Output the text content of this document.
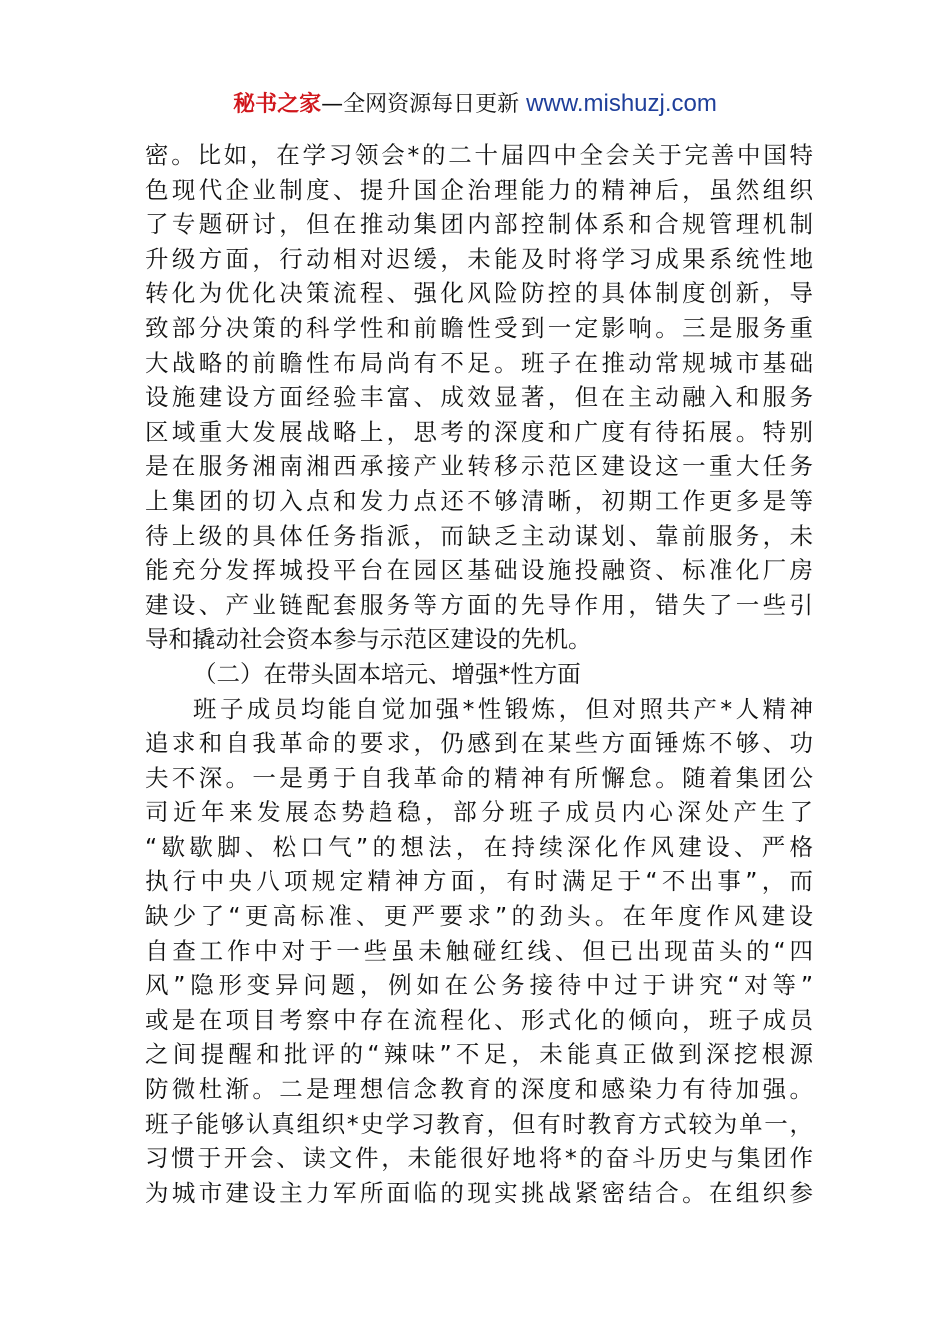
秘书之家—全网资源每日更新 www.mishuzj.com
密。比如，在学习领会*的二十届四中全会关于完善中国特
色现代企业制度、提升国企治理能力的精神后，虽然组织
了专题研讨，但在推动集团内部控制体系和合规管理机制
升级方面，行动相对迟缓，未能及时将学习成果系统性地
转化为优化决策流程、强化风险防控的具体制度创新，导
致部分决策的科学性和前瞻性受到一定影响。三是服务重
大战略的前瞻性布局尚有不足。班子在推动常规城市基础
设施建设方面经验丰富、成效显著，但在主动融入和服务
区域重大发展战略上，思考的深度和广度有待拓展。特别
是在服务湘南湘西承接产业转移示范区建设这一重大任务
上集团的切入点和发力点还不够清晰，初期工作更多是等
待上级的具体任务指派，而缺乏主动谋划、靠前服务，未
能充分发挥城投平台在园区基础设施投融资、标准化厂房
建设、产业链配套服务等方面的先导作用，错失了一些引
导和撬动社会资本参与示范区建设的先机。
（二）在带头固本培元、增强*性方面
班子成员均能自觉加强*性锻炼，但对照共产*人精神
追求和自我革命的要求，仍感到在某些方面锤炼不够、功
夫不深。一是勇于自我革命的精神有所懈怠。随着集团公
司近年来发展态势趋稳，部分班子成员内心深处产生了
“歇歇脚、松口气”的想法，在持续深化作风建设、严格
执行中央八项规定精神方面，有时满足于“不出事”，而
缺少了“更高标准、更严要求”的劲头。在年度作风建设
自查工作中对于一些虽未触碰红线、但已出现苗头的“四
风”隐形变异问题，例如在公务接待中过于讲究“对等”
或是在项目考察中存在流程化、形式化的倾向，班子成员
之间提醒和批评的“辣味”不足，未能真正做到深挖根源
防微杜渐。二是理想信念教育的深度和感染力有待加强。
班子能够认真组织*史学习教育，但有时教育方式较为单一，
习惯于开会、读文件，未能很好地将*的奋斗历史与集团作
为城市建设主力军所面临的现实挑战紧密结合。在组织参
